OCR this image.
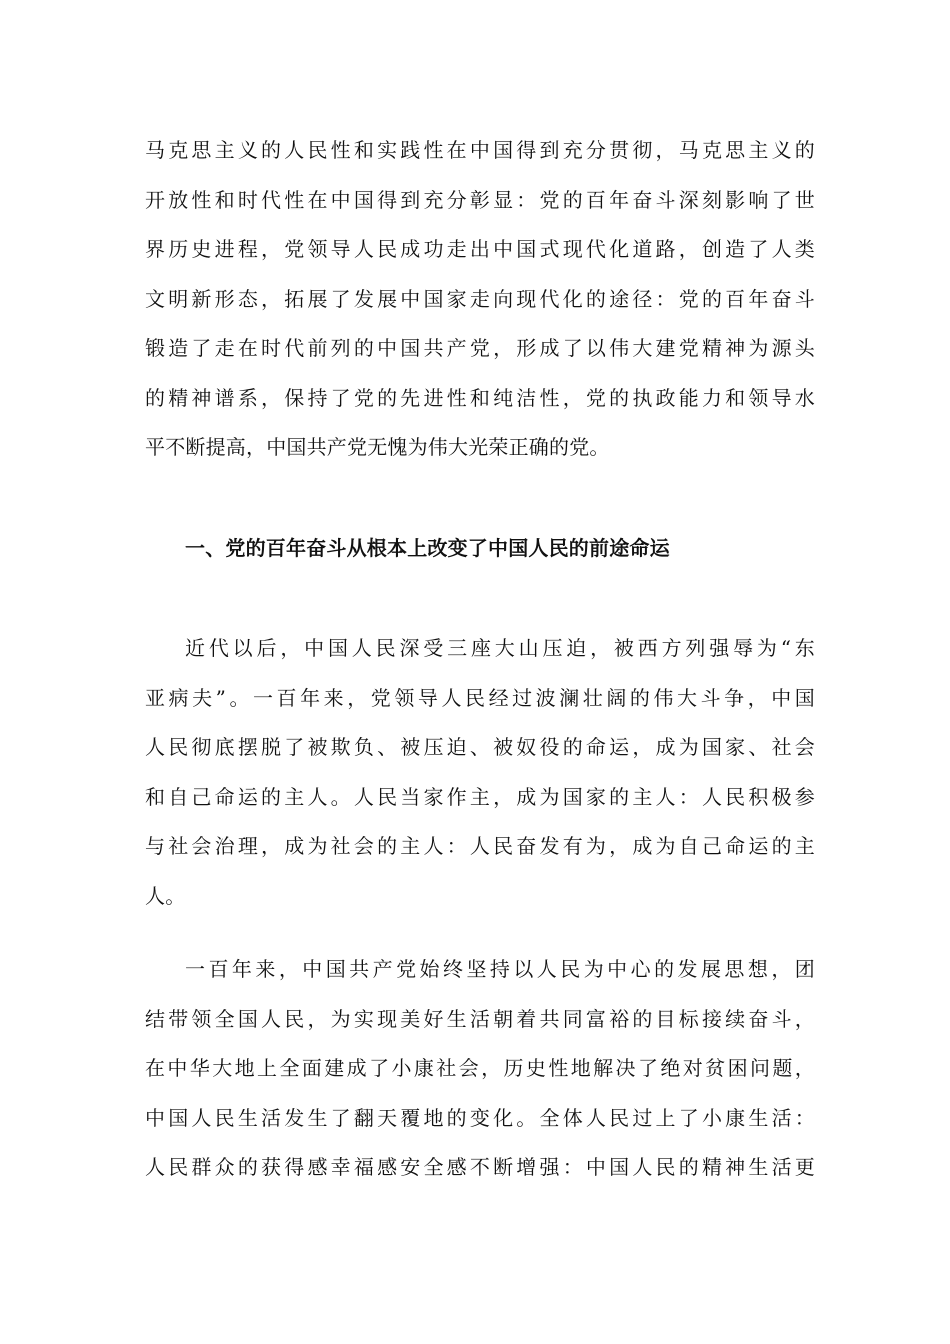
马克思主义的人民性和实践性在中国得到充分贯彻，马克思主义的
开放性和时代性在中国得到充分彰显：党的百年奋斗深刻影响了世
界历史进程，党领导人民成功走出中国式现代化道路，创造了人类
文明新形态，拓展了发展中国家走向现代化的途径：党的百年奋斗
锻造了走在时代前列的中国共产党，形成了以伟大建党精神为源头
的精神谱系，保持了党的先进性和纯洁性，党的执政能力和领导水
平不断提高，中国共产党无愧为伟大光荣正确的党。
一、党的百年奋斗从根本上改变了中国人民的前途命运
近代以后，中国人民深受三座大山压迫，被西方列强辱为“东
亚病夫”。一百年来，党领导人民经过波澜壮阔的伟大斗争，中国
人民彻底摆脱了被欺负、被压迫、被奴役的命运，成为国家、社会
和自己命运的主人。人民当家作主，成为国家的主人：人民积极参
与社会治理，成为社会的主人：人民奋发有为，成为自己命运的主
人。
一百年来，中国共产党始终坚持以人民为中心的发展思想，团
结带领全国人民，为实现美好生活朝着共同富裕的目标接续奋斗，
在中华大地上全面建成了小康社会，历史性地解决了绝对贫困问题，
中国人民生活发生了翻天覆地的变化。全体人民过上了小康生活：
人民群众的获得感幸福感安全感不断增强：中国人民的精神生活更
